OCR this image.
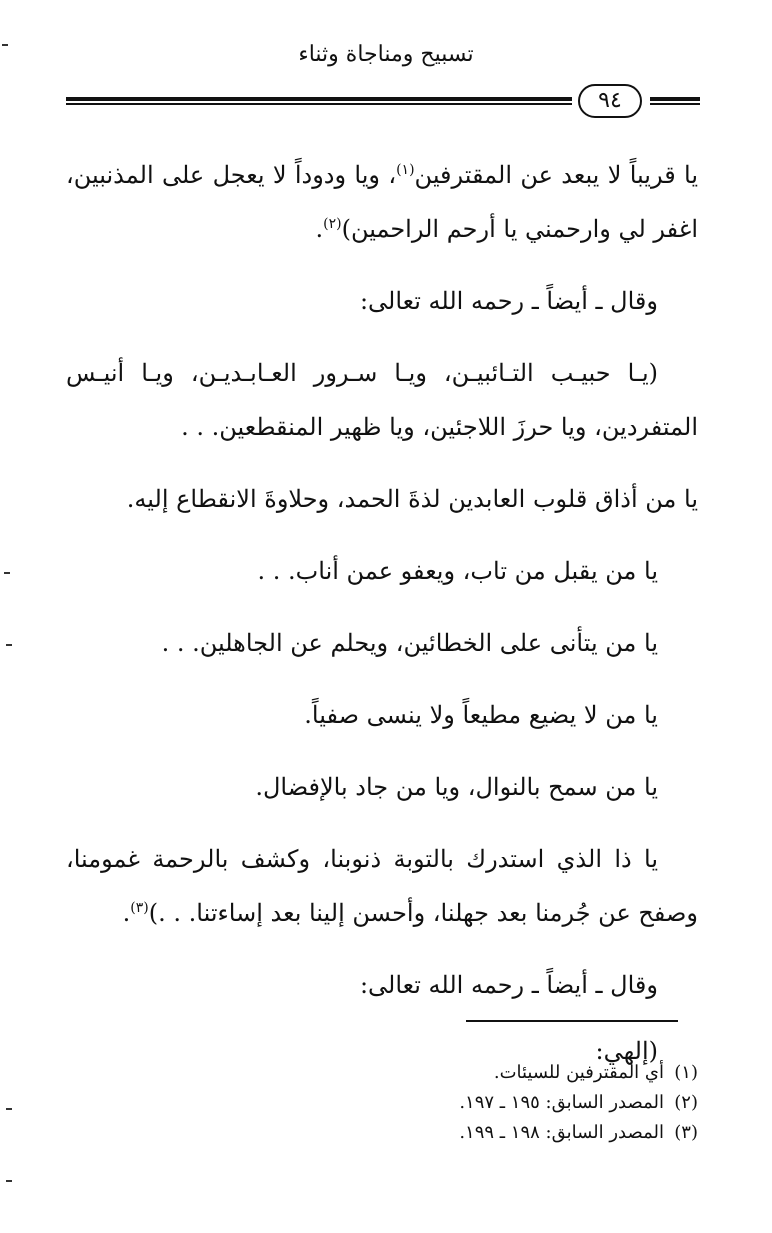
تسبيح ومناجاة وثناء
٩٤

يا قريباً لا يبعد عن المقترفين$^{(١)}$، ويا ودوداً لا يعجل على المذنبين، اغفر لي وارحمني يا أرحم الراحمين)$^{(٢)}$.

وقال ـ أيضاً ـ رحمه الله تعالى:

(يـا حبيـب التـائبيـن، ويـا سـرور العـابـديـن، ويـا أنيـس المتفردين، ويا حرزَ اللاجئين، ويا ظهير المنقطعين. . .

يا من أذاق قلوب العابدين لذةَ الحمد، وحلاوةَ الانقطاع إليه.

يا من يقبل من تاب، ويعفو عمن أناب. . .

يا من يتأنى على الخطائين، ويحلم عن الجاهلين. . .

يا من لا يضيع مطيعاً ولا ينسى صفياً.

يا من سمح بالنوال، ويا من جاد بالإفضال.

يا ذا الذي استدرك بالتوبة ذنوبنا، وكشف بالرحمة غمومنا، وصفح عن جُرمنا بعد جهلنا، وأحسن إلينا بعد إساءتنا. . .)$^{(٣)}$.

وقال ـ أيضاً ـ رحمه الله تعالى:

(إلهي:

(١)أي المقترفين للسيئات.
(٢)المصدر السابق: ١٩٥ ـ ١٩٧.
(٣)المصدر السابق: ١٩٨ ـ ١٩٩.
